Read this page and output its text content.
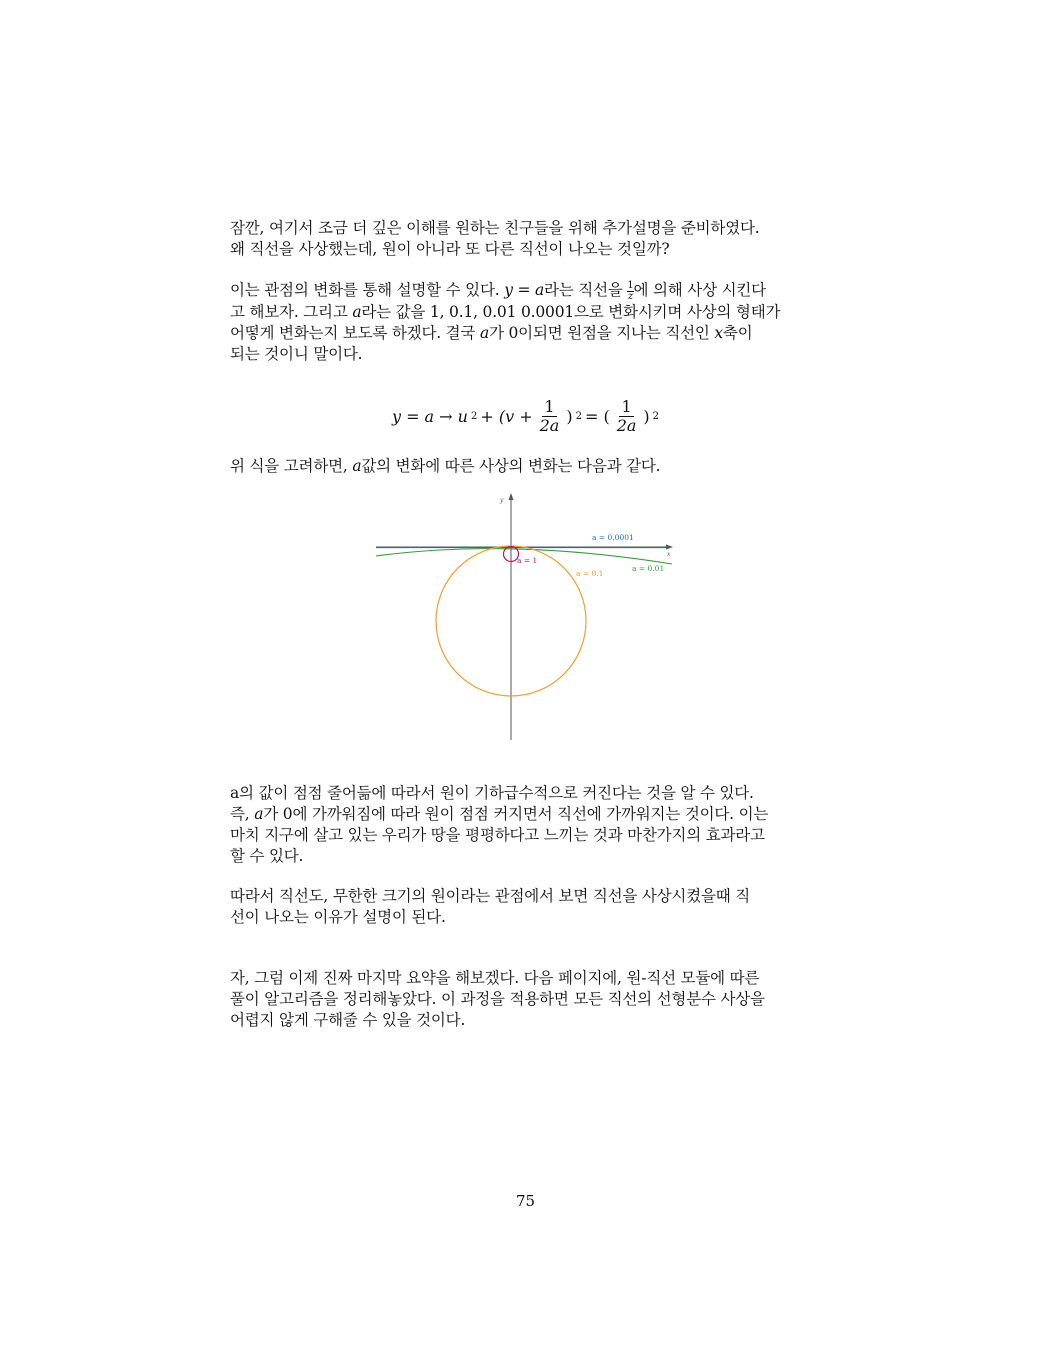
잠깐, 여기서 조금 더 깊은 이해를 원하는 친구들을 위해 추가설명을 준비하였다.
왜 직선을 사상했는데, 원이 아니라 또 다른 직선이 나오는 것일까?

이는 관점의 변화를 통해 설명할 수 있다. y = a라는 직선을 $\frac{1}{z}$ 에 의해 사상 시킨다
고 해보자. 그리고 a라는 값을 1, 0.1, 0.01 0.0001으로 변화시키며 사상의 형태가
어떻게 변화는지 보도록 하겠다. 결국 a가 0이되면 원점을 지나는 직선인 x축이
되는 것이니 말이다.

y = a → u $2 + (v + \frac{1}{2a}$ ) 2 = ( $\frac{1}{2a}$ ) 2

위 식을 고려하면, a값의 변화에 따른 사상의 변화는 다음과 같다.

y
x
a = 0.0001
a = 0.01
a = 0.1
a = 1

a의 값이 점점 줄어듦에 따라서 원이 기하급수적으로 커진다는 것을 알 수 있다.
즉, a가 0에 가까워짐에 따라 원이 점점 커지면서 직선에 가까워지는 것이다. 이는
마치 지구에 살고 있는 우리가 땅을 평평하다고 느끼는 것과 마찬가지의 효과라고
할 수 있다.

따라서 직선도, 무한한 크기의 원이라는 관점에서 보면 직선을 사상시켰을때 직
선이 나오는 이유가 설명이 된다.

자, 그럼 이제 진짜 마지막 요약을 해보겠다. 다음 페이지에, 원-직선 모듈에 따른
풀이 알고리즘을 정리해놓았다. 이 과정을 적용하면 모든 직선의 선형분수 사상을
어렵지 않게 구해줄 수 있을 것이다.

75
